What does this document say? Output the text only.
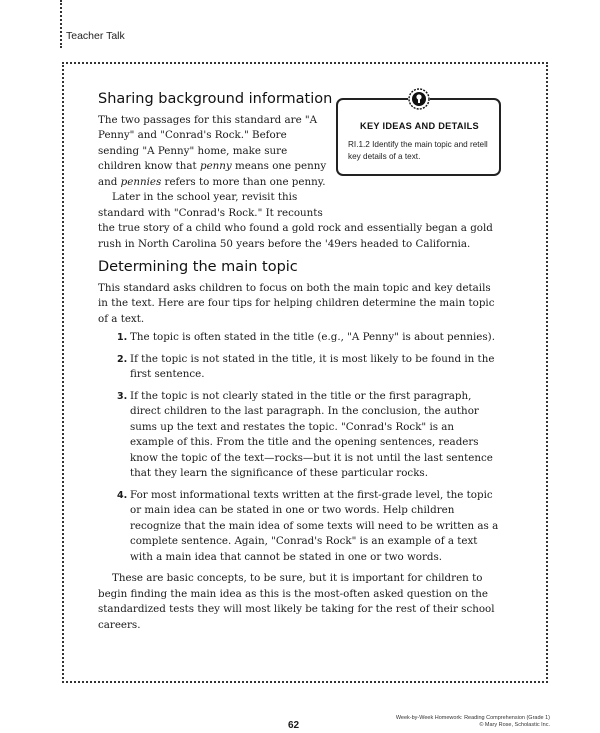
Teacher Talk
KEY IDEAS AND DETAILS
RI.1.2 Identify the main topic and retell key details of a text.
Sharing background information

The two passages for this standard are "A Penny" and "Conrad's Rock." Before sending "A Penny" home, make sure children know that penny means one penny and pennies refers to more than one penny.

Later in the school year, revisit this standard with "Conrad's Rock." It recounts

the true story of a child who found a gold rock and essentially began a gold rush in North Carolina 50 years before the '49ers headed to California.

Determining the main topic

This standard asks children to focus on both the main topic and key details in the text. Here are four tips for helping children determine the main topic of a text.

1. The topic is often stated in the title (e.g., "A Penny" is about pennies).
2. If the topic is not stated in the title, it is most likely to be found in the first sentence.
3. If the topic is not clearly stated in the title or the first paragraph, direct children to the last paragraph. In the conclusion, the author sums up the text and restates the topic. "Conrad's Rock" is an example of this. From the title and the opening sentences, readers know the topic of the text—rocks—but it is not until the last sentence that they learn the significance of these particular rocks.
4. For most informational texts written at the first-grade level, the topic or main idea can be stated in one or two words. Help children recognize that the main idea of some texts will need to be written as a complete sentence. Again, "Conrad's Rock" is an example of a text with a main idea that cannot be stated in one or two words.

These are basic concepts, to be sure, but it is important for children to begin finding the main idea as this is the most-often asked question on the standardized tests they will most likely be taking for the rest of their school careers.

62
Week-by-Week Homework: Reading Comprehension (Grade 1)
© Mary Rose, Scholastic Inc.
